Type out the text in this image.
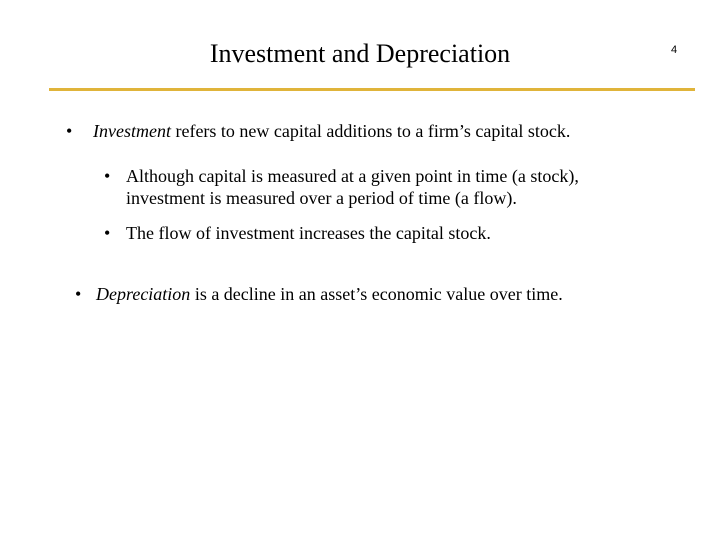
Investment and Depreciation	4
• Investment refers to new capital additions to a firm’s capital stock.
• Although capital is measured at a given point in time (a stock),
investment is measured over a period of time (a flow).
• The flow of investment increases the capital stock.
• Depreciation is a decline in an asset’s economic value over time.
